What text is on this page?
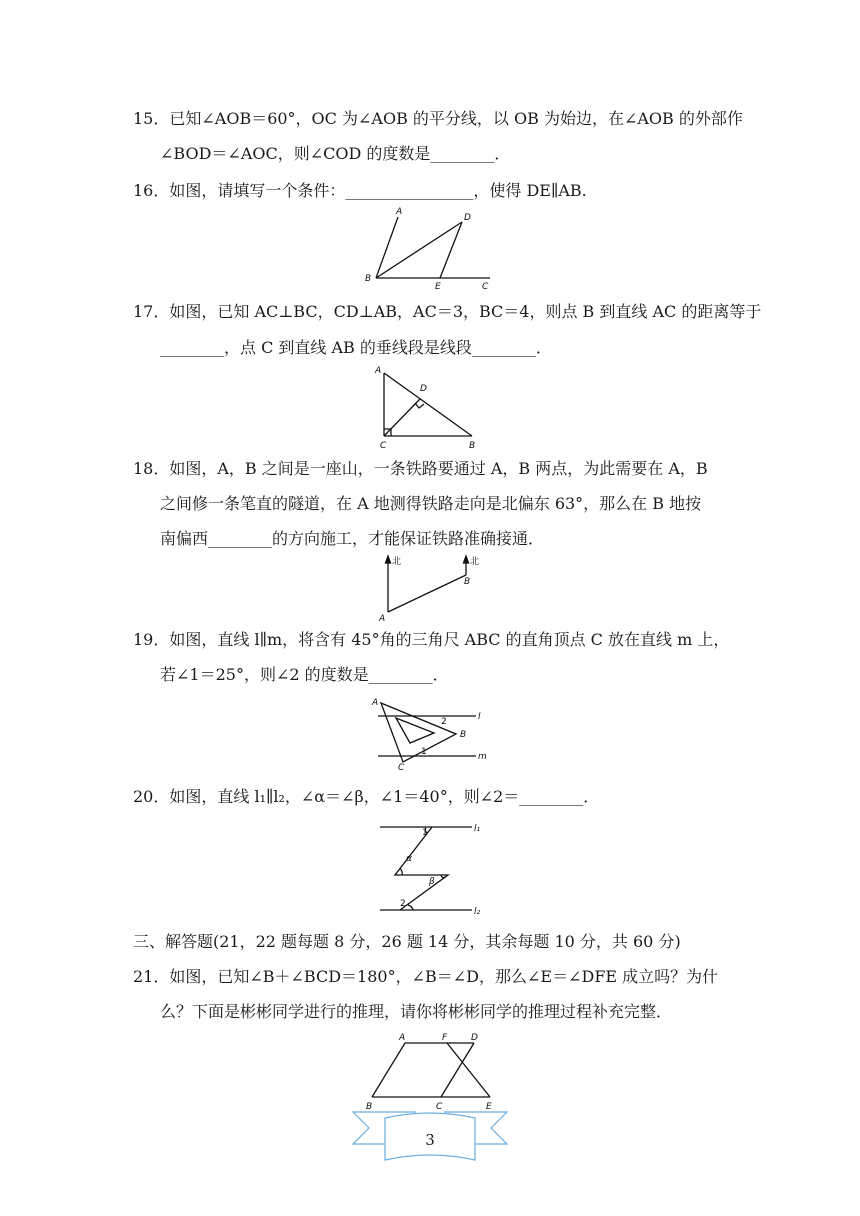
15．已知∠AOB＝60°，OC 为∠AOB 的平分线，以 OB 为始边，在∠AOB 的外部作
∠BOD＝∠AOC，则∠COD 的度数是________．
16．如图，请填写一个条件：________________，使得 DE∥AB.
A
D
B
E	C
17．如图，已知 AC⊥BC，CD⊥AB，AC＝3，BC＝4，则点 B 到直线 AC 的距离等于
________，点 C 到直线 AB 的垂线段是线段________．
A
D
C	B
18．如图，A，B 之间是一座山，一条铁路要通过 A，B 两点，为此需要在 A，B
之间修一条笔直的隧道，在 A 地测得铁路走向是北偏东 63°，那么在 B 地按
南偏西________的方向施工，才能保证铁路准确接通．
北	北
B
A
19．如图，直线 l∥m，将含有 45°角的三角尺 ABC 的直角顶点 C 放在直线 m 上，
若∠1＝25°，则∠2 的度数是________．
A
2	l
B
m
C
1
20．如图，直线 l₁∥l₂，∠α＝∠β，∠1＝40°，则∠2＝________．
1	l₁
α
β
2
l₂
三、解答题(21，22 题每题 8 分，26 题 14 分，其余每题 10 分，共 60 分)
21．如图，已知∠B＋∠BCD＝180°，∠B＝∠D，那么∠E＝∠DFE 成立吗？为什
么？下面是彬彬同学进行的推理，请你将彬彬同学的推理过程补充完整．
A	F	D
B	C	E
3
